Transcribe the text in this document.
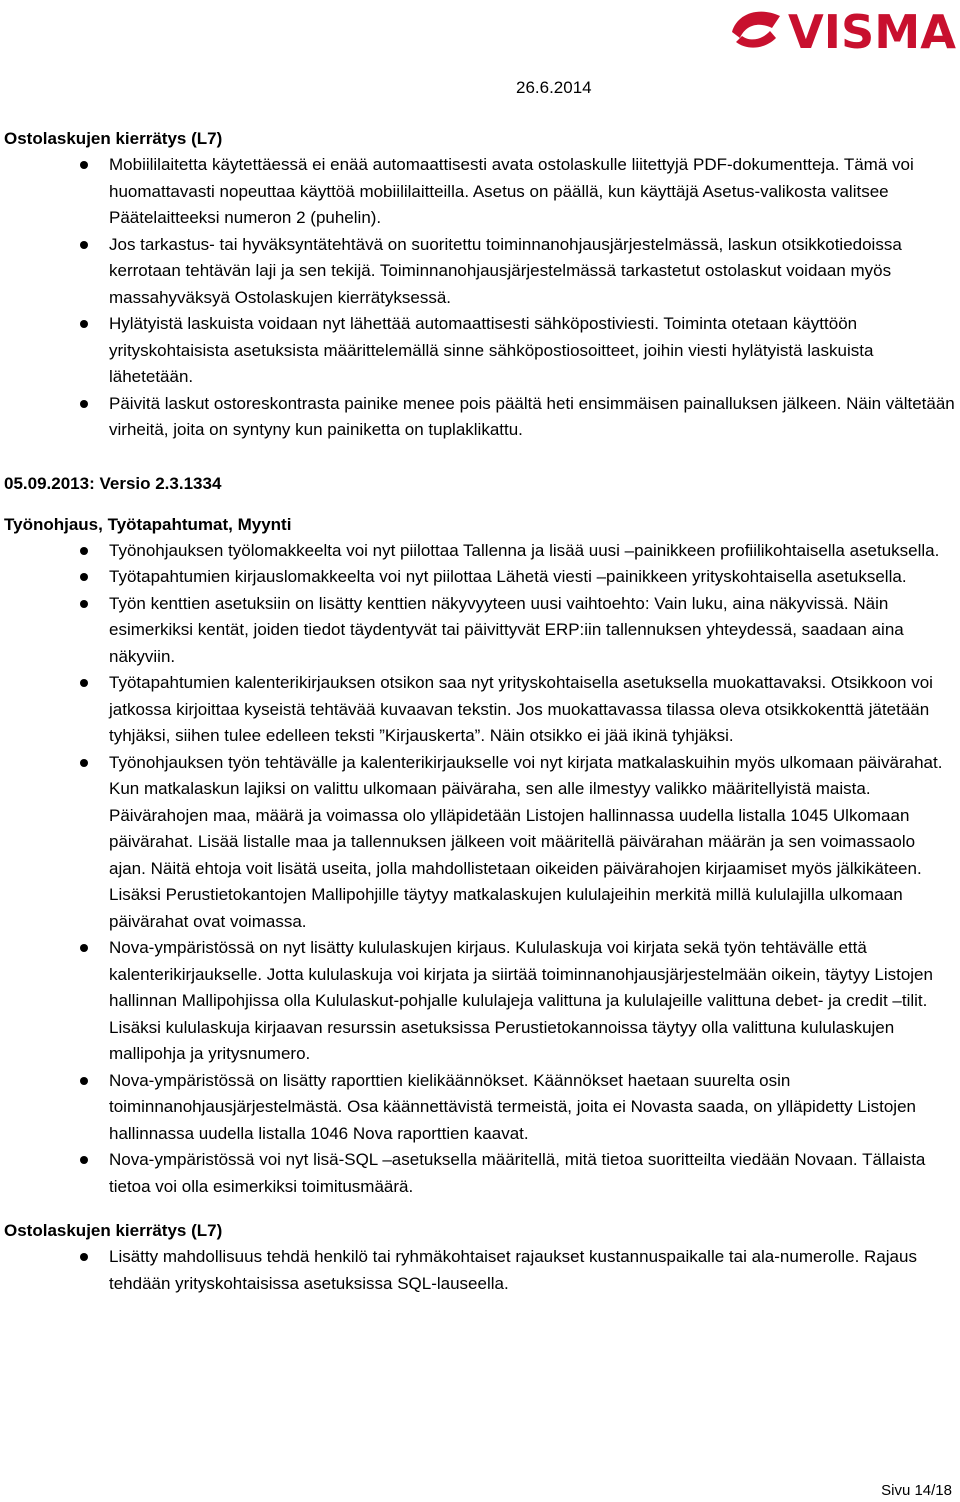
Visma Liikkuvan työn ratkaisut	VISMA
26.6.2014
Ostolaskujen kierrätys (L7)
Mobiililaitetta käytettäessä ei enää automaattisesti avata ostolaskulle liitettyjä PDF-dokumentteja. Tämä voi huomattavasti nopeuttaa käyttöä mobiililaitteilla. Asetus on päällä, kun käyttäjä Asetus-valikosta valitsee Päätelaitteeksi numeron 2 (puhelin).
Jos tarkastus- tai hyväksyntätehtävä on suoritettu toiminnanohjausjärjestelmässä, laskun otsikkotiedoissa kerrotaan tehtävän laji ja sen tekijä. Toiminnanohjausjärjestelmässä tarkastetut ostolaskut voidaan myös massahyväksyä Ostolaskujen kierrätyksessä.
Hylätyistä laskuista voidaan nyt lähettää automaattisesti sähköpostiviesti. Toiminta otetaan käyttöön yrityskohtaisista asetuksista määrittelemällä sinne sähköpostiosoitteet, joihin viesti hylätyistä laskuista lähetetään.
Päivitä laskut ostoreskontrasta painike menee pois päältä heti ensimmäisen painalluksen jälkeen. Näin vältetään virheitä, joita on syntyny kun painiketta on tuplaklikattu.
05.09.2013: Versio 2.3.1334
Työnohjaus, Työtapahtumat, Myynti
Työnohjauksen työlomakkeelta voi nyt piilottaa Tallenna ja lisää uusi –painikkeen profiilikohtaisella asetuksella.
Työtapahtumien kirjauslomakkeelta voi nyt piilottaa Lähetä viesti –painikkeen yrityskohtaisella asetuksella.
Työn kenttien asetuksiin on lisätty kenttien näkyvyyteen uusi vaihtoehto: Vain luku, aina näkyvissä. Näin esimerkiksi kentät, joiden tiedot täydentyvät tai päivittyvät ERP:iin tallennuksen yhteydessä, saadaan aina näkyviin.
Työtapahtumien kalenterikirjauksen otsikon saa nyt yrityskohtaisella asetuksella muokattavaksi. Otsikkoon voi jatkossa kirjoittaa kyseistä tehtävää kuvaavan tekstin. Jos muokattavassa tilassa oleva otsikkokenttä jätetään tyhjäksi, siihen tulee edelleen teksti ”Kirjauskerta”. Näin otsikko ei jää ikinä tyhjäksi.
Työnohjauksen työn tehtävälle ja kalenterikirjaukselle voi nyt kirjata matkalaskuihin myös ulkomaan päivärahat. Kun matkalaskun lajiksi on valittu ulkomaan päiväraha, sen alle ilmestyy valikko määritellyistä maista. Päivärahojen maa, määrä ja voimassa olo ylläpidetään Listojen hallinnassa uudella listalla 1045 Ulkomaan päivärahat. Lisää listalle maa ja tallennuksen jälkeen voit määritellä päivärahan määrän ja sen voimassaolo ajan. Näitä ehtoja voit lisätä useita, jolla mahdollistetaan oikeiden päivärahojen kirjaamiset myös jälkikäteen. Lisäksi Perustietokantojen Mallipohjille täytyy matkalaskujen kululajeihin merkitä millä kululajilla ulkomaan päivärahat ovat voimassa.
Nova-ympäristössä on nyt lisätty kululaskujen kirjaus. Kululaskuja voi kirjata sekä työn tehtävälle että kalenterikirjaukselle. Jotta kululaskuja voi kirjata ja siirtää toiminnanohjausjärjestelmään oikein, täytyy Listojen hallinnan Mallipohjissa olla Kululaskut-pohjalle kululajeja valittuna ja kululajeille valittuna debet- ja credit –tilit. Lisäksi kululaskuja kirjaavan resurssin asetuksissa Perustietokannoissa täytyy olla valittuna kululaskujen mallipohja ja yritysnumero.
Nova-ympäristössä on lisätty raporttien kielikäännökset. Käännökset haetaan suurelta osin toiminnanohjausjärjestelmästä. Osa käännettävistä termeistä, joita ei Novasta saada, on ylläpidetty Listojen hallinnassa uudella listalla 1046 Nova raporttien kaavat.
Nova-ympäristössä voi nyt lisä-SQL –asetuksella määritellä, mitä tietoa suoritteilta viedään Novaan. Tällaista tietoa voi olla esimerkiksi toimitusmäärä.
Ostolaskujen kierrätys (L7)
Lisätty mahdollisuus tehdä henkilö tai ryhmäkohtaiset rajaukset kustannuspaikalle tai ala-numerolle. Rajaus tehdään yrityskohtaisissa asetuksissa SQL-lauseella.
Sivu 14/18
